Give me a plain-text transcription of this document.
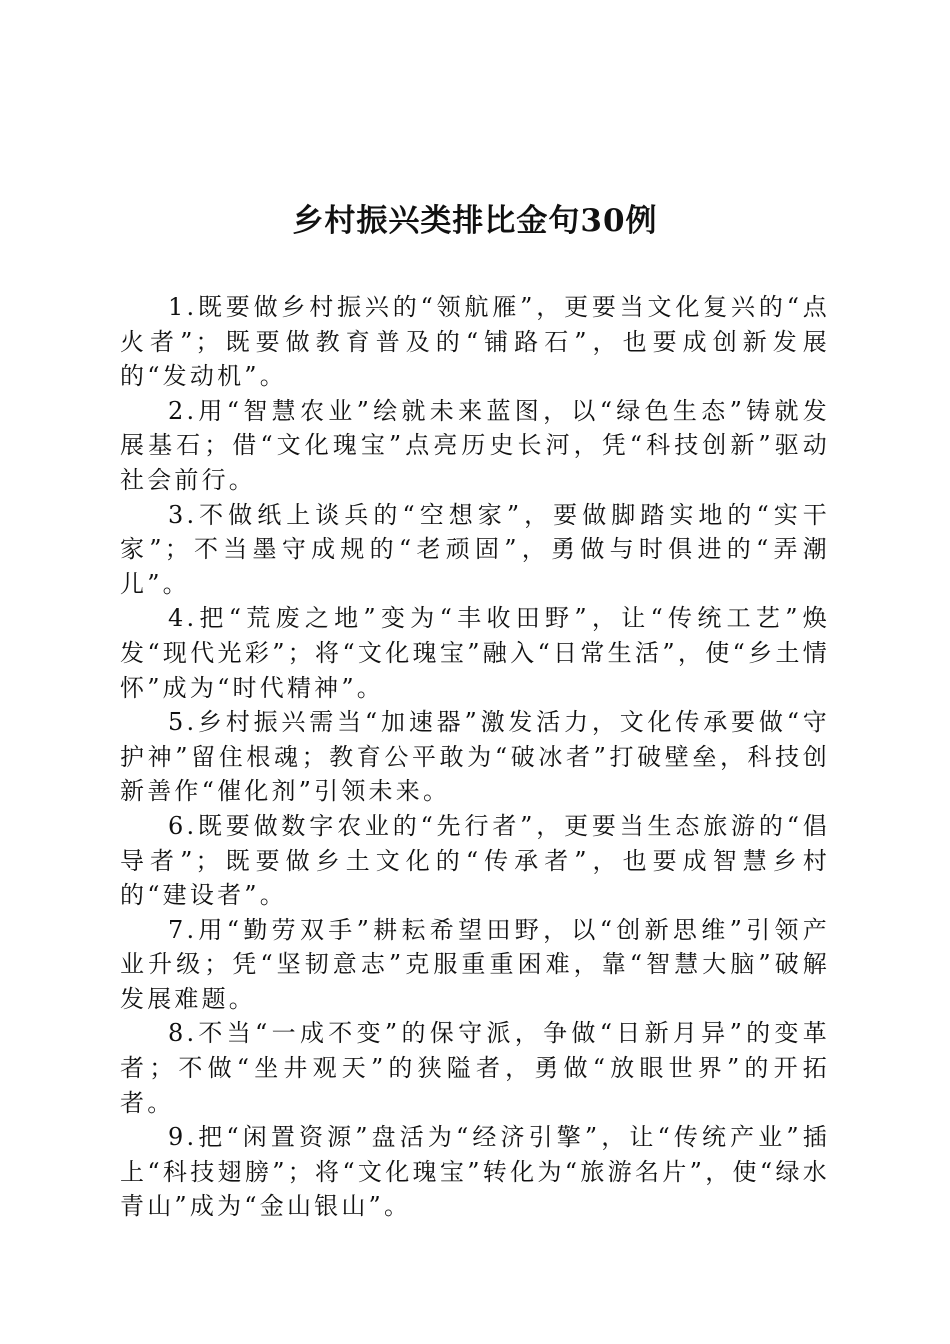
乡村振兴类排比金句30例

1.既要做乡村振兴的“领航雁”，更要当文化复兴的“点火者”；既要做教育普及的“铺路石”，也要成创新发展的“发动机”。

2.用“智慧农业”绘就未来蓝图，以“绿色生态”铸就发展基石；借“文化瑰宝”点亮历史长河，凭“科技创新”驱动社会前行。

3.不做纸上谈兵的“空想家”，要做脚踏实地的“实干家”；不当墨守成规的“老顽固”，勇做与时俱进的“弄潮儿”。

4.把“荒废之地”变为“丰收田野”，让“传统工艺”焕发“现代光彩”；将“文化瑰宝”融入“日常生活”，使“乡土情怀”成为“时代精神”。

5.乡村振兴需当“加速器”激发活力，文化传承要做“守护神”留住根魂；教育公平敢为“破冰者”打破壁垒，科技创新善作“催化剂”引领未来。

6.既要做数字农业的“先行者”，更要当生态旅游的“倡导者”；既要做乡土文化的“传承者”，也要成智慧乡村的“建设者”。

7.用“勤劳双手”耕耘希望田野，以“创新思维”引领产业升级；凭“坚韧意志”克服重重困难，靠“智慧大脑”破解发展难题。

8.不当“一成不变”的保守派，争做“日新月异”的变革者；不做“坐井观天”的狭隘者，勇做“放眼世界”的开拓者。

9.把“闲置资源”盘活为“经济引擎”，让“传统产业”插上“科技翅膀”；将“文化瑰宝”转化为“旅游名片”，使“绿水青山”成为“金山银山”。
